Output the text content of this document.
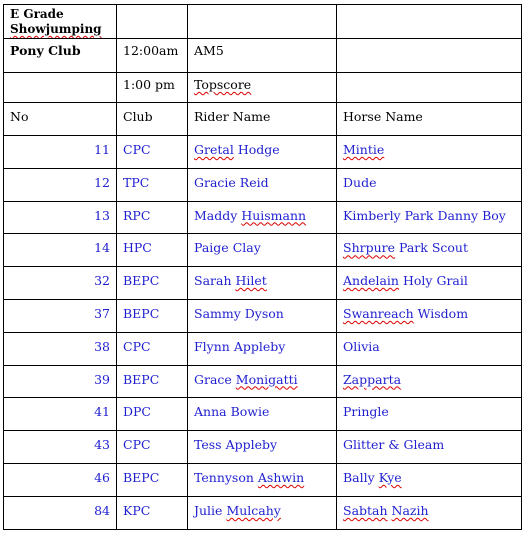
E Grade
Showjumping			

Pony Club	12:00am	AM5	
	1:00 pm	Topscore	
No	Club	Rider Name	Horse Name
11	CPC	Gretal Hodge	Mintie
12	TPC	Gracie Reid	Dude
13	RPC	Maddy Huismann	Kimberly Park Danny Boy
14	HPC	Paige Clay	Shrpure Park Scout
32	BEPC	Sarah Hilet	Andelain Holy Grail
37	BEPC	Sammy Dyson	Swanreach Wisdom
38	CPC	Flynn Appleby	Olivia
39	BEPC	Grace Monigatti	Zapparta
41	DPC	Anna Bowie	Pringle
43	CPC	Tess Appleby	Glitter & Gleam
46	BEPC	Tennyson Ashwin	Bally Kye
84	KPC	Julie Mulcahy	Sabtah Nazih
